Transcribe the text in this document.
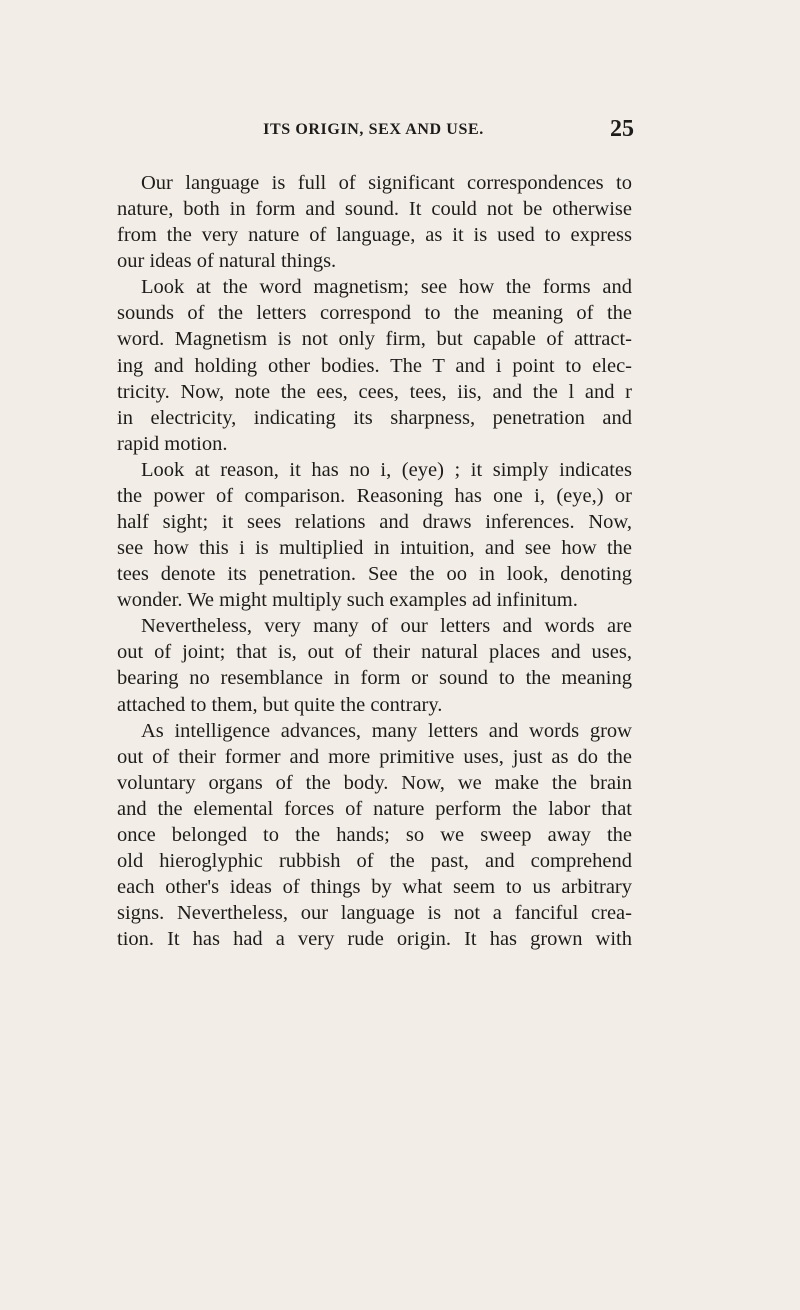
ITS ORIGIN, SEX AND USE.	25
Our language is full of significant correspondences to
nature, both in form and sound. It could not be otherwise
from the very nature of language, as it is used to express
our ideas of natural things.
Look at the word magnetism; see how the forms and
sounds of the letters correspond to the meaning of the
word. Magnetism is not only firm, but capable of attract-
ing and holding other bodies. The T and i point to elec-
tricity. Now, note the ees, cees, tees, iis, and the l and r
in electricity, indicating its sharpness, penetration and
rapid motion.
Look at reason, it has no i, (eye) ; it simply indicates
the power of comparison. Reasoning has one i, (eye,) or
half sight; it sees relations and draws inferences. Now,
see how this i is multiplied in intuition, and see how the
tees denote its penetration. See the oo in look, denoting
wonder. We might multiply such examples ad infinitum.
Nevertheless, very many of our letters and words are
out of joint; that is, out of their natural places and uses,
bearing no resemblance in form or sound to the meaning
attached to them, but quite the contrary.
As intelligence advances, many letters and words grow
out of their former and more primitive uses, just as do the
voluntary organs of the body. Now, we make the brain
and the elemental forces of nature perform the labor that
once belonged to the hands; so we sweep away the
old hieroglyphic rubbish of the past, and comprehend
each other's ideas of things by what seem to us arbitrary
signs. Nevertheless, our language is not a fanciful crea-
tion. It has had a very rude origin. It has grown with
